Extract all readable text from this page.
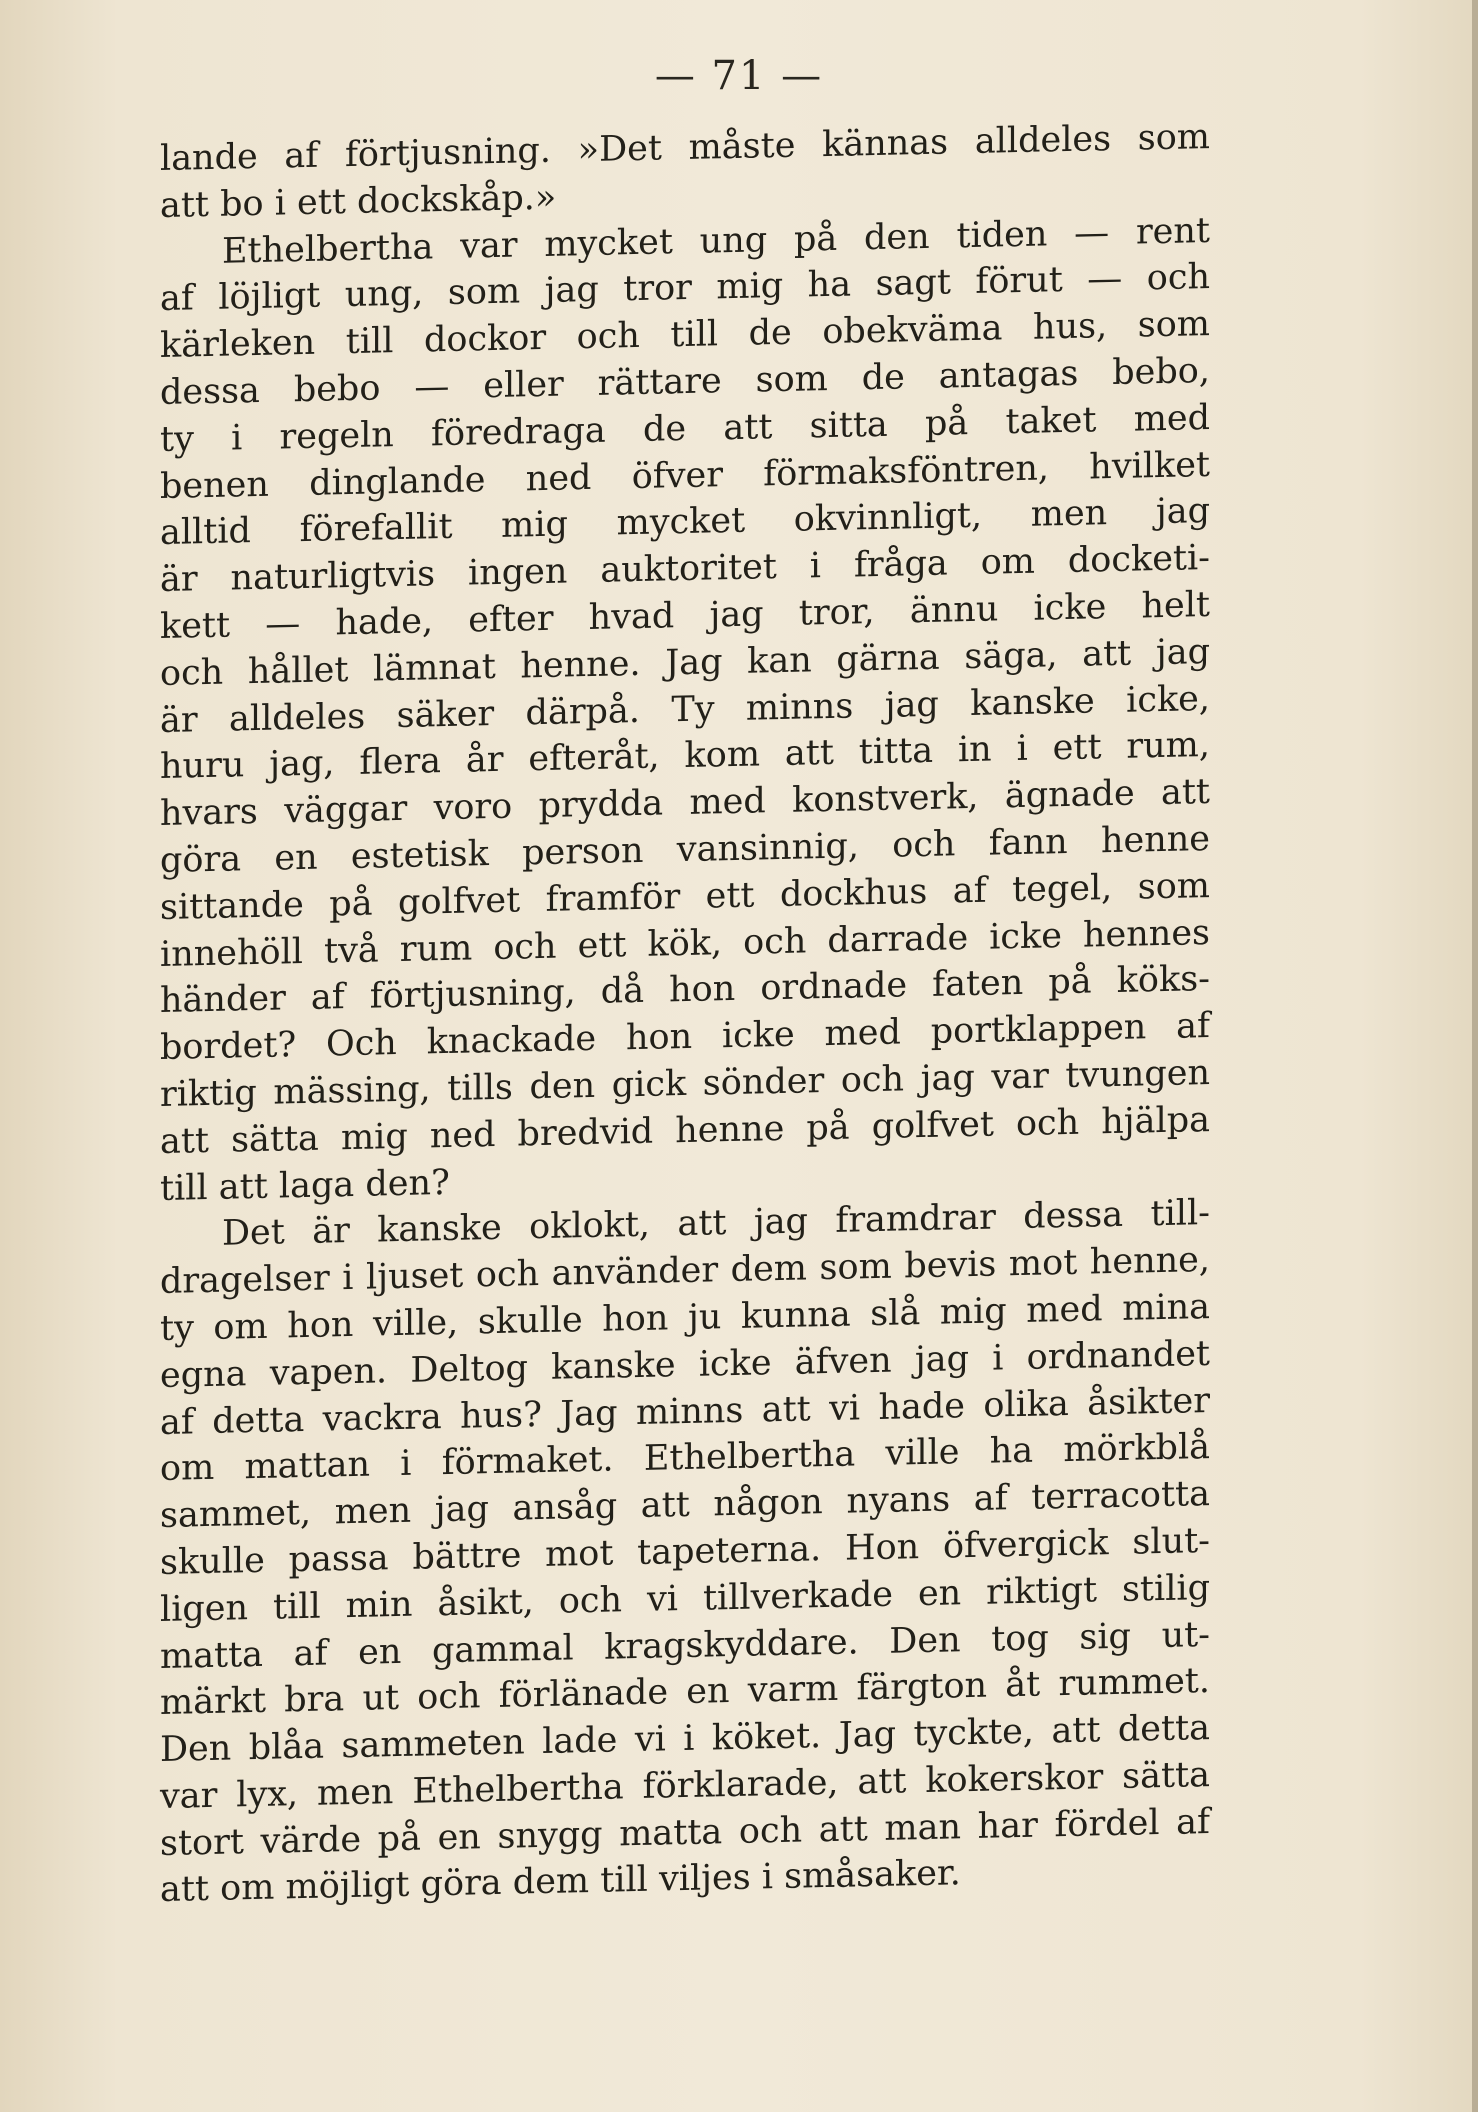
— 71 —
lande af förtjusning. »Det måste kännas alldeles som
att bo i ett dockskåp.»
Ethelbertha var mycket ung på den tiden — rent
af löjligt ung, som jag tror mig ha sagt förut — och
kärleken till dockor och till de obekväma hus, som
dessa bebo — eller rättare som de antagas bebo,
ty i regeln föredraga de att sitta på taket med
benen dinglande ned öfver förmaksföntren, hvilket
alltid förefallit mig mycket okvinnligt, men jag
är naturligtvis ingen auktoritet i fråga om docketi-
kett — hade, efter hvad jag tror, ännu icke helt
och hållet lämnat henne. Jag kan gärna säga, att jag
är alldeles säker därpå. Ty minns jag kanske icke,
huru jag, flera år efteråt, kom att titta in i ett rum,
hvars väggar voro prydda med konstverk, ägnade att
göra en estetisk person vansinnig, och fann henne
sittande på golfvet framför ett dockhus af tegel, som
innehöll två rum och ett kök, och darrade icke hennes
händer af förtjusning, då hon ordnade faten på köks-
bordet? Och knackade hon icke med portklappen af
riktig mässing, tills den gick sönder och jag var tvungen
att sätta mig ned bredvid henne på golfvet och hjälpa
till att laga den?
Det är kanske oklokt, att jag framdrar dessa till-
dragelser i ljuset och använder dem som bevis mot henne,
ty om hon ville, skulle hon ju kunna slå mig med mina
egna vapen. Deltog kanske icke äfven jag i ordnandet
af detta vackra hus? Jag minns att vi hade olika åsikter
om mattan i förmaket. Ethelbertha ville ha mörkblå
sammet, men jag ansåg att någon nyans af terracotta
skulle passa bättre mot tapeterna. Hon öfvergick slut-
ligen till min åsikt, och vi tillverkade en riktigt stilig
matta af en gammal kragskyddare. Den tog sig ut-
märkt bra ut och förlänade en varm färgton åt rummet.
Den blåa sammeten lade vi i köket. Jag tyckte, att detta
var lyx, men Ethelbertha förklarade, att kokerskor sätta
stort värde på en snygg matta och att man har fördel af
att om möjligt göra dem till viljes i småsaker.
